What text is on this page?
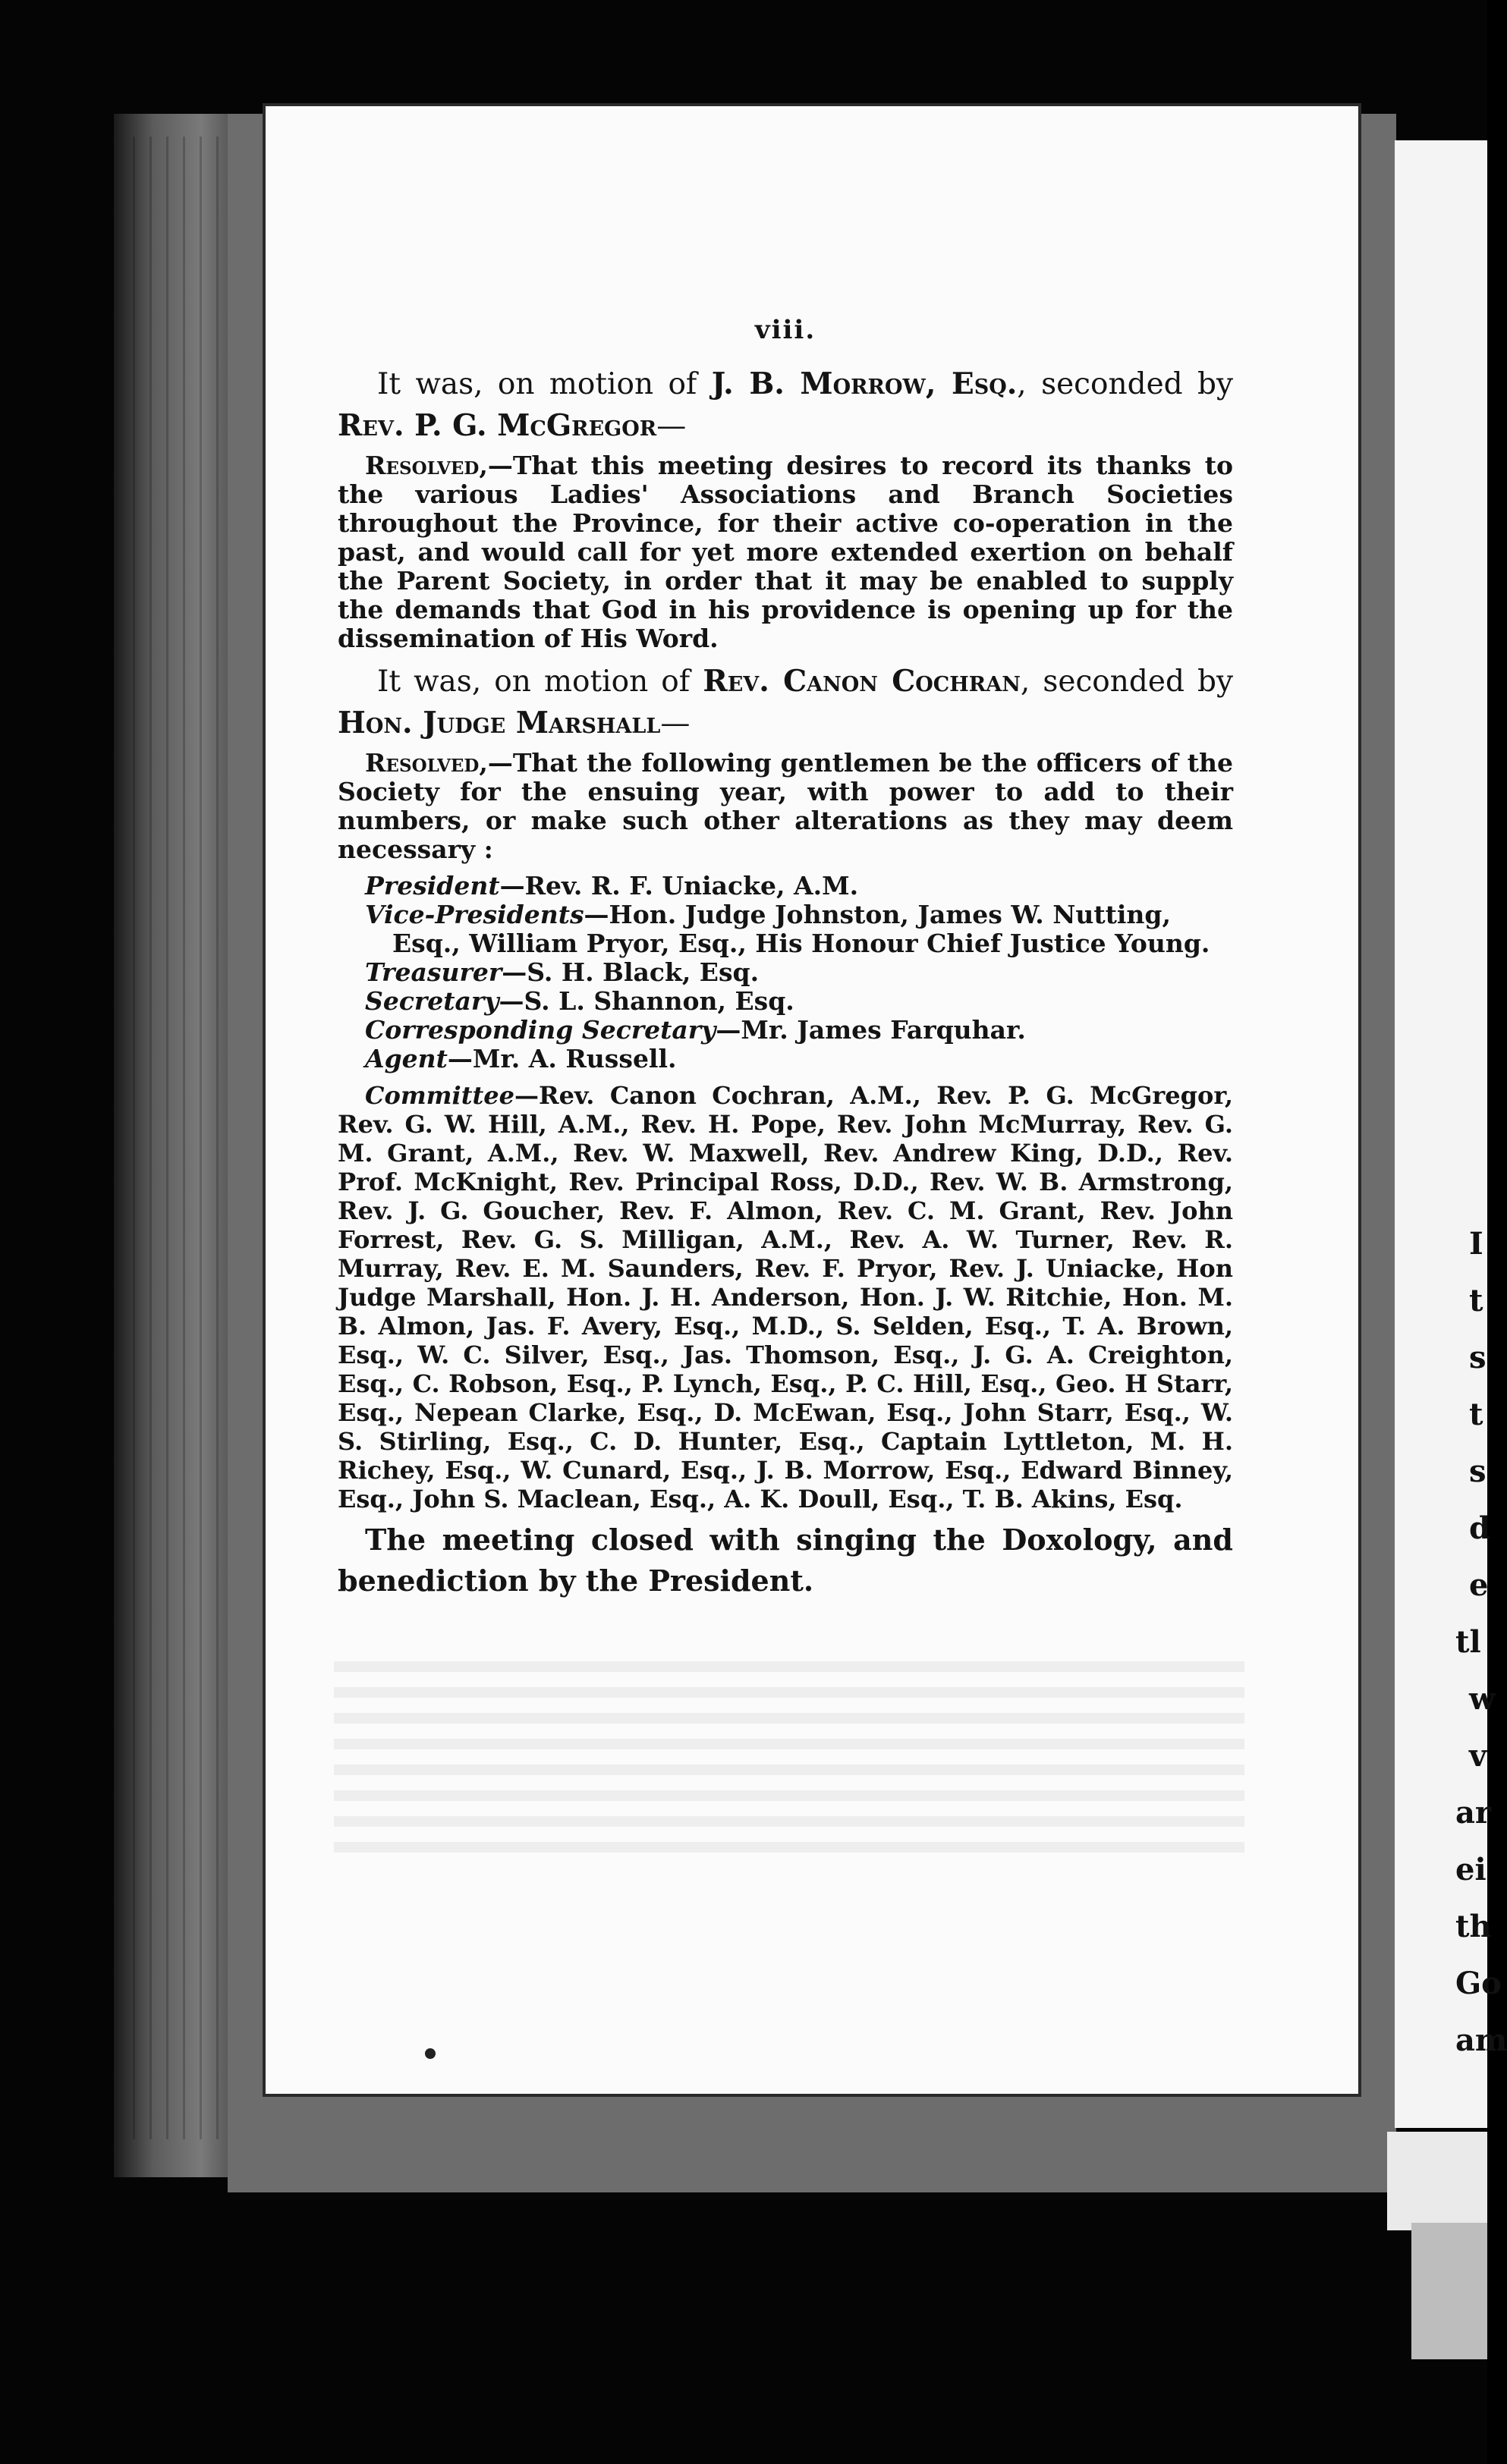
I
t
s
t
s
d
e
tl
w
v
ar
ei
th
Go
am
viii.

It was, on motion of J. B. Morrow, Esq., seconded by Rev. P. G. McGregor—

Resolved,—That this meeting desires to record its thanks to the various Ladies' Associations and Branch Societies throughout the Province, for their active co-operation in the past, and would call for yet more extended exertion on behalf the Parent Society, in order that it may be enabled to supply the demands that God in his providence is opening up for the dissemination of His Word.

It was, on motion of Rev. Canon Cochran, seconded by Hon. Judge Marshall—

Resolved,—That the following gentlemen be the officers of the Society for the ensuing year, with power to add to their numbers, or make such other alterations as they may deem necessary :

President—Rev. R. F. Uniacke, A.M.

Vice-Presidents—Hon. Judge Johnston, James W. Nutting, Esq., William Pryor, Esq., His Honour Chief Justice Young.

Treasurer—S. H. Black, Esq.

Secretary—S. L. Shannon, Esq.

Corresponding Secretary—Mr. James Farquhar.

Agent—Mr. A. Russell.

Committee—Rev. Canon Cochran, A.M., Rev. P. G. McGregor, Rev. G. W. Hill, A.M., Rev. H. Pope, Rev. John McMurray, Rev. G. M. Grant, A.M., Rev. W. Maxwell, Rev. Andrew King, D.D., Rev. Prof. McKnight, Rev. Principal Ross, D.D., Rev. W. B. Armstrong, Rev. J. G. Goucher, Rev. F. Almon, Rev. C. M. Grant, Rev. John Forrest, Rev. G. S. Milligan, A.M., Rev. A. W. Turner, Rev. R. Murray, Rev. E. M. Saunders, Rev. F. Pryor, Rev. J. Uniacke, Hon Judge Marshall, Hon. J. H. Anderson, Hon. J. W. Ritchie, Hon. M. B. Almon, Jas. F. Avery, Esq., M.D., S. Selden, Esq., T. A. Brown, Esq., W. C. Silver, Esq., Jas. Thomson, Esq., J. G. A. Creighton, Esq., C. Robson, Esq., P. Lynch, Esq., P. C. Hill, Esq., Geo. H Starr, Esq., Nepean Clarke, Esq., D. McEwan, Esq., John Starr, Esq., W. S. Stirling, Esq., C. D. Hunter, Esq., Captain Lyttleton, M. H. Richey, Esq., W. Cunard, Esq., J. B. Morrow, Esq., Edward Binney, Esq., John S. Maclean, Esq., A. K. Doull, Esq., T. B. Akins, Esq.

The meeting closed with singing the Doxology, and benediction by the President.
